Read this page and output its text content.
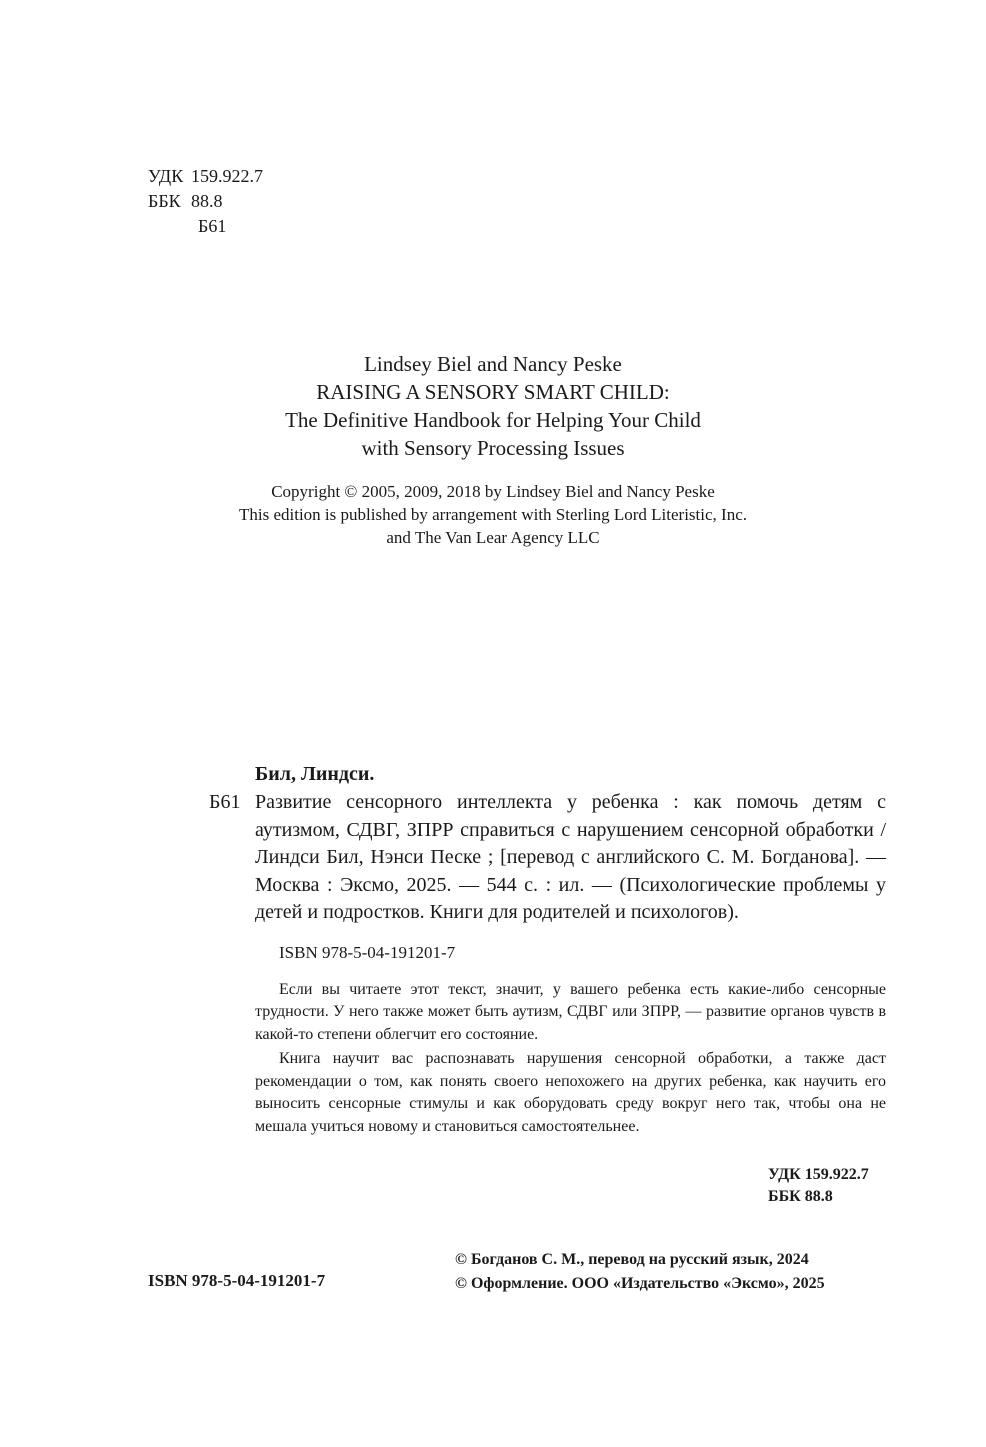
УДК 159.922.7
ББК 88.8
Б61
Lindsey Biel and Nancy Peske
RAISING A SENSORY SMART CHILD:
The Definitive Handbook for Helping Your Child
with Sensory Processing Issues
Copyright © 2005, 2009, 2018 by Lindsey Biel and Nancy Peske
This edition is published by arrangement with Sterling Lord Literistic, Inc.
and The Van Lear Agency LLC
Бил, Линдси.
Б61 Развитие сенсорного интеллекта у ребенка : как помочь детям с аутизмом, СДВГ, ЗПРР справиться с нарушением сенсорной обработки / Линдси Бил, Нэнси Песке ; [перевод с английского С. М. Богданова]. — Москва : Эксмо, 2025. — 544 с. : ил. — (Психологические проблемы у детей и подростков. Книги для родителей и психологов).
ISBN 978-5-04-191201-7

Если вы читаете этот текст, значит, у вашего ребенка есть какие-либо сенсорные трудности. У него также может быть аутизм, СДВГ или ЗПРР, — развитие органов чувств в какой-то степени облегчит его состояние.

Книга научит вас распознавать нарушения сенсорной обработки, а также даст рекомендации о том, как понять своего непохожего на других ребенка, как научить его выносить сенсорные стимулы и как оборудовать среду вокруг него так, чтобы она не мешала учиться новому и становиться самостоятельнее.

УДК 159.922.7
ББК 88.8
ISBN 978-5-04-191201-7
© Богданов С. М., перевод на русский язык, 2024
© Оформление. ООО «Издательство «Эксмо», 2025
